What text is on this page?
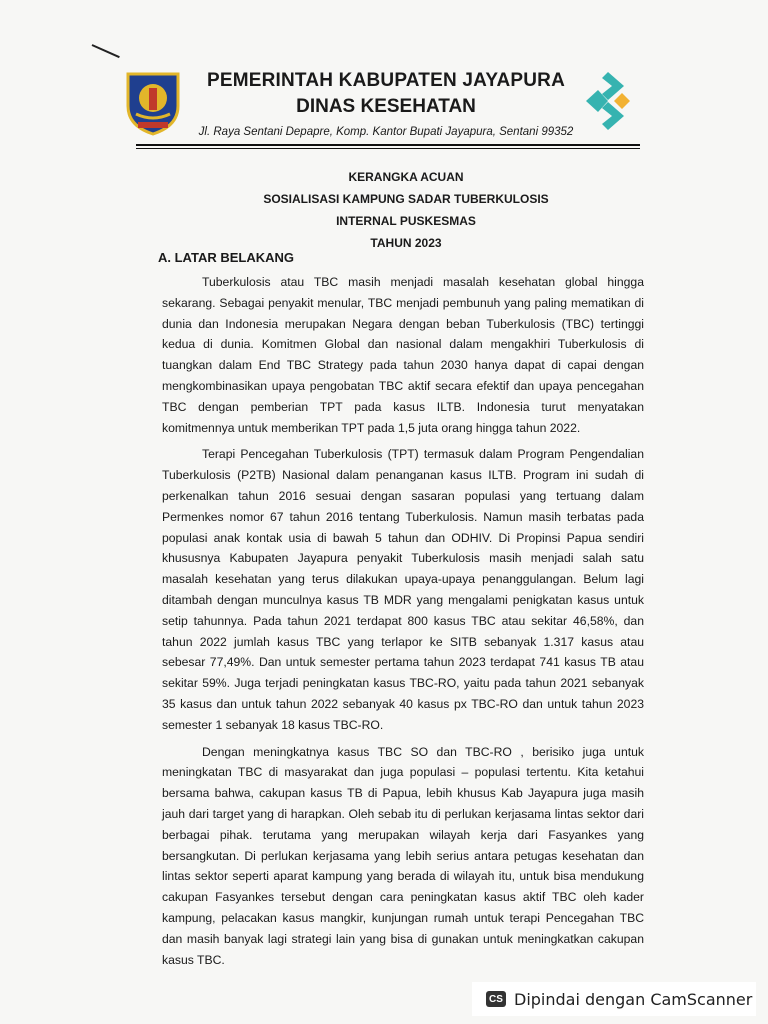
PEMERINTAH KABUPATEN JAYAPURA
DINAS KESEHATAN
Jl. Raya Sentani Depapre, Komp. Kantor Bupati Jayapura, Sentani 99352
KERANGKA ACUAN
SOSIALISASI KAMPUNG SADAR TUBERKULOSIS
INTERNAL PUSKESMAS
TAHUN 2023
A. LATAR BELAKANG

Tuberkulosis atau TBC masih menjadi masalah kesehatan global hingga sekarang. Sebagai penyakit menular, TBC menjadi pembunuh yang paling mematikan di dunia dan Indonesia merupakan Negara dengan beban Tuberkulosis (TBC) tertinggi kedua di dunia. Komitmen Global dan nasional dalam mengakhiri Tuberkulosis di tuangkan dalam End TBC Strategy pada tahun 2030 hanya dapat di capai dengan mengkombinasikan upaya pengobatan TBC aktif secara efektif dan upaya pencegahan TBC dengan pemberian TPT pada kasus ILTB. Indonesia turut menyatakan komitmennya untuk memberikan TPT pada 1,5 juta orang hingga tahun 2022.

Terapi Pencegahan Tuberkulosis (TPT) termasuk dalam Program Pengendalian Tuberkulosis (P2TB) Nasional dalam penanganan kasus ILTB. Program ini sudah di perkenalkan tahun 2016 sesuai dengan sasaran populasi yang tertuang dalam Permenkes nomor 67 tahun 2016 tentang Tuberkulosis. Namun masih terbatas pada populasi anak kontak usia di bawah 5 tahun dan ODHIV. Di Propinsi Papua sendiri khususnya Kabupaten Jayapura penyakit Tuberkulosis masih menjadi salah satu masalah kesehatan yang terus dilakukan upaya-upaya penanggulangan. Belum lagi ditambah dengan munculnya kasus TB MDR yang mengalami penigkatan kasus untuk setip tahunnya. Pada tahun 2021 terdapat 800 kasus TBC atau sekitar 46,58%, dan tahun 2022 jumlah kasus TBC yang terlapor ke SITB sebanyak 1.317 kasus atau sebesar 77,49%. Dan untuk semester pertama tahun 2023 terdapat 741 kasus TB atau sekitar 59%. Juga terjadi peningkatan kasus TBC-RO, yaitu pada tahun 2021 sebanyak 35 kasus dan untuk tahun 2022 sebanyak 40 kasus px TBC-RO dan untuk tahun 2023 semester 1 sebanyak 18 kasus TBC-RO.

Dengan meningkatnya kasus TBC SO dan TBC-RO , berisiko juga untuk meningkatan TBC di masyarakat dan juga populasi – populasi tertentu. Kita ketahui bersama bahwa, cakupan kasus TB di Papua, lebih khusus Kab Jayapura juga masih jauh dari target yang di harapkan. Oleh sebab itu di perlukan kerjasama lintas sektor dari berbagai pihak. terutama yang merupakan wilayah kerja dari Fasyankes yang bersangkutan. Di perlukan kerjasama yang lebih serius antara petugas kesehatan dan lintas sektor seperti aparat kampung yang berada di wilayah itu, untuk bisa mendukung cakupan Fasyankes tersebut dengan cara peningkatan kasus aktif TBC oleh kader kampung, pelacakan kasus mangkir, kunjungan rumah untuk terapi Pencegahan TBC dan masih banyak lagi strategi lain yang bisa di gunakan untuk meningkatkan cakupan kasus TBC.

CS Dipindai dengan CamScanner
